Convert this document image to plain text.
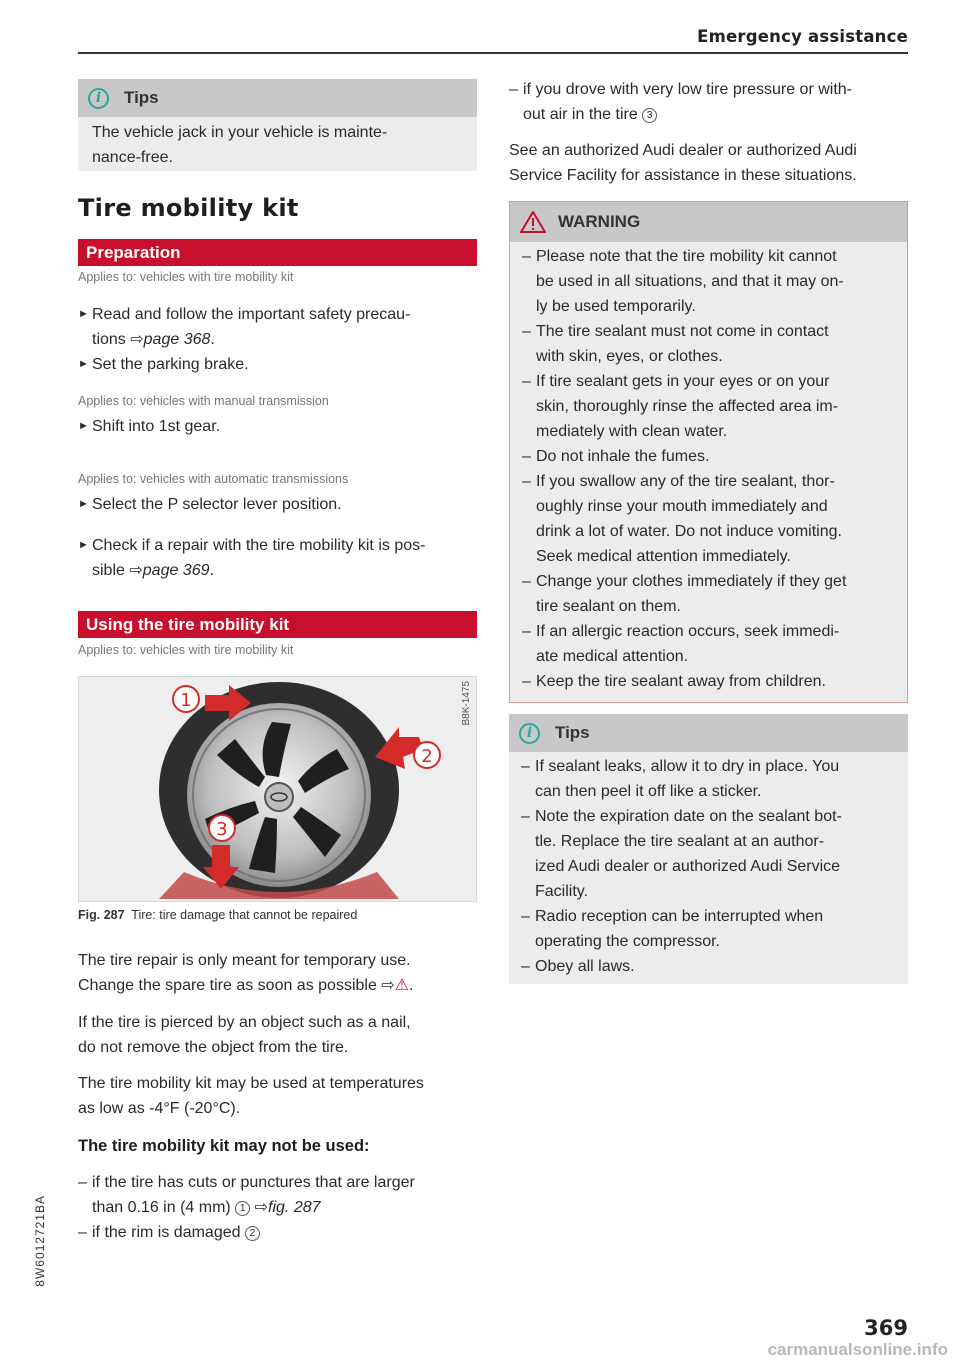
Emergency assistance
i	Tips
The vehicle jack in your vehicle is mainte-
nance-free.
Tire mobility kit
Preparation
Applies to: vehicles with tire mobility kit
► Read and follow the important safety precau-
tions ⇨page 368.
► Set the parking brake.
Applies to: vehicles with manual transmission
► Shift into 1st gear.
Applies to: vehicles with automatic transmissions
► Select the P selector lever position.
► Check if a repair with the tire mobility kit is pos-
sible ⇨page 369.
Using the tire mobility kit
Applies to: vehicles with tire mobility kit
1
2
3
B8K-1475
Fig. 287 Tire: tire damage that cannot be repaired
The tire repair is only meant for temporary use.
Change the spare tire as soon as possible ⇨⚠.
If the tire is pierced by an object such as a nail,
do not remove the object from the tire.
The tire mobility kit may be used at temperatures
as low as -4°F (-20°C).
The tire mobility kit may not be used:
– if the tire has cuts or punctures that are larger
than 0.16 in (4 mm) 1 ⇨fig. 287
– if the rim is damaged 2
– if you drove with very low tire pressure or with-
out air in the tire 3
See an authorized Audi dealer or authorized Audi
Service Facility for assistance in these situations.
WARNING
– Please note that the tire mobility kit cannot
be used in all situations, and that it may on-
ly be used temporarily.
– The tire sealant must not come in contact
with skin, eyes, or clothes.
– If tire sealant gets in your eyes or on your
skin, thoroughly rinse the affected area im-
mediately with clean water.
– Do not inhale the fumes.
– If you swallow any of the tire sealant, thor-
oughly rinse your mouth immediately and
drink a lot of water. Do not induce vomiting.
Seek medical attention immediately.
– Change your clothes immediately if they get
tire sealant on them.
– If an allergic reaction occurs, seek immedi-
ate medical attention.
– Keep the tire sealant away from children.
i	Tips
– If sealant leaks, allow it to dry in place. You
can then peel it off like a sticker.
– Note the expiration date on the sealant bot-
tle. Replace the tire sealant at an author-
ized Audi dealer or authorized Audi Service
Facility.
– Radio reception can be interrupted when
operating the compressor.
– Obey all laws.
8W6012721BA
369
carmanualsonline.info
